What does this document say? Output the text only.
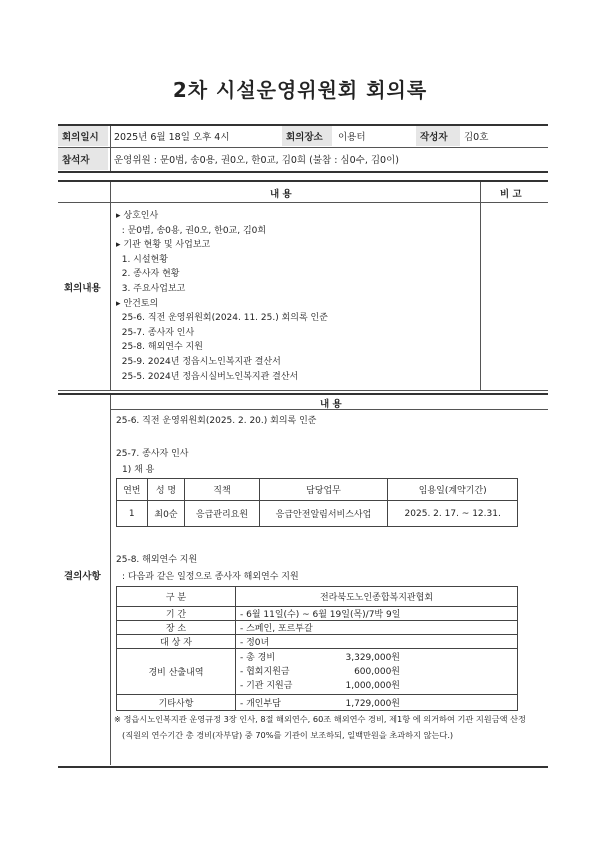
2차 시설운영위원회 회의록
회의일시	2025년 6월 18일 오후 4시	회의장소	이용터	작성자	김0호
참석자	운영위원 : 문0범, 송0용, 권0오, 한0교, 김0희 (불참 : 심0수, 김0이)
회의내용
내 용	비 고
▸ 상호인사
: 문0범, 송0용, 권0오, 한0교, 김0희
▸ 기관 현황 및 사업보고
1. 시설현황
2. 종사자 현황
3. 주요사업보고
▸ 안건토의
25-6. 직전 운영위원회(2024. 11. 25.) 회의록 인준
25-7. 종사자 인사
25-8. 해외연수 지원
25-9. 2024년 정읍시노인복지관 결산서
25-5. 2024년 정읍시실버노인복지관 결산서
결의사항
내 용
25-6. 직전 운영위원회(2025. 2. 20.) 회의록 인준
25-7. 종사자 인사
1) 채 용
연번	성 명	직책	담당업무	임용일(계약기간)
1	최0순	응급관리요원	응급안전알림서비스사업	2025. 2. 17. ~ 12.31.
25-8. 해외연수 지원
: 다음과 같은 일정으로 종사자 해외연수 지원
구 분	전라북도노인종합복지관협회
기 간	- 6월 11일(수) ~ 6월 19일(목)/7박 9일
장 소	- 스페인, 포르투갈
대 상 자	- 정0녀
경비 산출내역	- 총 경비 3,329,000원
- 협회지원금 600,000원
- 기관 지원금 1,000,000원

기타사항	- 개인부담 1,729,000원
※ 정읍시노인복지관 운영규정 3장 인사, 8절 해외연수, 60조 해외연수 경비, 제1항 에 의거하여 기관 지원금액 산정
(직원의 연수기간 총 경비(자부담) 중 70%를 기관이 보조하되, 일백만원을 초과하지 않는다.)
